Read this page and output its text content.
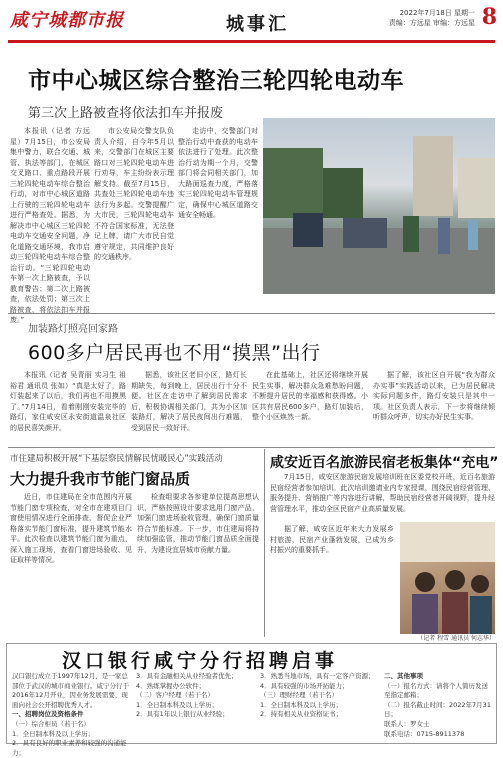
咸宁城都市报	城事汇
2022年7月18日 星期一
责编：方远星 审编：方远星 8
市中心城区综合整治三轮四轮电动车
第三次上路被查将依法扣车并报废
本报讯（记者 方远星）7月15日，市公安局集中警力，联合交通、城管、执法等部门，在城区交叉路口、重点路段开展三轮四轮电动车综合整治行动，对市中心城区道路上行驶的三轮四轮电动车进行严格查处。据悉，为解决市中心城区三轮四轮电动车交通安全问题，净化道路交通环境，我市启动三轮四轮电动车综合整治行动。“三轮四轮电动车第一次上路被查，予以教育警告；第二次上路被查，依法处罚；第三次上路被查，将依法扣车并报废。”
市公安局交警支队负责人介绍，自今年5月以来，交警部门在城区主要路口对三轮四轮电动车进行劝导，车主纷纷表示理解支持。截至7月15日，共查处三轮四轮电动车违法行为多起。交警提醒广大市民，三轮四轮电动车不符合国家标准，无法登记上牌，请广大市民自觉遵守规定，共同维护良好的交通秩序。
走访中，交警部门对整治行动中查获的电动车依法进行了处理。此次整治行动为期一个月，交警部门将会同相关部门，加大路面巡查力度，严格落实三轮四轮电动车管理规定，确保中心城区道路交通安全畅通。
加装路灯照亮回家路
600多户居民再也不用“摸黑”出行
本报讯（记者 吴青丽 实习生 祖裕君 通讯员 张如）“真是太好了，路灯装起来了以后，我们再也不用摸黑了。”7月14日，看着刚刚安装完毕的路灯，家住咸安区永安街道温泉社区的居民喜笑颜开。
据悉，该社区老旧小区，路灯长期缺失，每到晚上，居民出行十分不便。社区在走访中了解到居民需求后，积极协调相关部门，共为小区加装路灯，解决了居民夜间出行难题，受到居民一致好评。
在此基础上，社区还将继续开展民生实事，解决群众急难愁盼问题，不断提升居民的幸福感和获得感。小区共有居民600多户，路灯加装后，整个小区焕然一新。
据了解，该社区自开展“我为群众办实事”实践活动以来，已为居民解决实际问题多件，路灯安装只是其中一项。社区负责人表示，下一步将继续倾听群众呼声，切实办好民生实事。
市住建局积极开展“下基层察民情解民忧暖民心”实践活动
大力提升我市节能门窗品质
近日，市住建局在全市范围内开展节能门窗专项检查，对全市在建项目门窗使用情况进行全面排查，督促企业严格落实节能门窗标准，提升建筑节能水平。此次检查以建筑节能门窗为重点，深入施工现场，查看门窗进场验收、见证取样等情况。
检查组要求各参建单位提高思想认识，严格按照设计要求选用门窗产品，加强门窗进场验收管理，确保门窗质量符合节能标准。下一步，市住建局将持续加强监管，推动节能门窗品质全面提升，为建设宜居城市贡献力量。
咸安近百名旅游民宿老板集体“充电”
7月15日，咸安区旅游民宿发展培训班在区委党校开班，近百名旅游民宿经营者参加培训。此次培训邀请业内专家授课，围绕民宿经营管理、服务提升、营销推广等内容进行讲解，帮助民宿经营者开阔视野，提升经营管理水平，推动全区民宿产业高质量发展。
据了解，咸安区近年来大力发展乡村旅游，民宿产业蓬勃发展，已成为乡村振兴的重要抓手。
（记者 程雪 通讯员 何志华）
汉口银行咸宁分行招聘启事

汉口银行成立于1997年12月，是一家总部位于武汉的城市商业银行。咸宁分行于2016年12月开业，因业务发展需要，现面向社会公开招聘优秀人才。

一、招聘岗位及资格条件

（一）综合柜员（若干名）

1．全日制本科及以上学历；

2．具有良好的职业素养和较强的沟通能力；

3．具有金融相关从业经验者优先；

4．熟练掌握办公软件；

（二）客户经理（若干名）

1．全日制本科及以上学历；

2．具有1年以上银行从业经验；

3．熟悉当地市场，具有一定客户资源；

4．具有较强的市场开拓能力；

（三）理财经理（若干名）

1．全日制本科及以上学历；

2．持有相关从业资格证书；

二、其他事项

（一）报名方式：请将个人简历发送至指定邮箱；

（二）报名截止时间：2022年7月31日；

联系人：罗女士

联系电话：0715-8911378
